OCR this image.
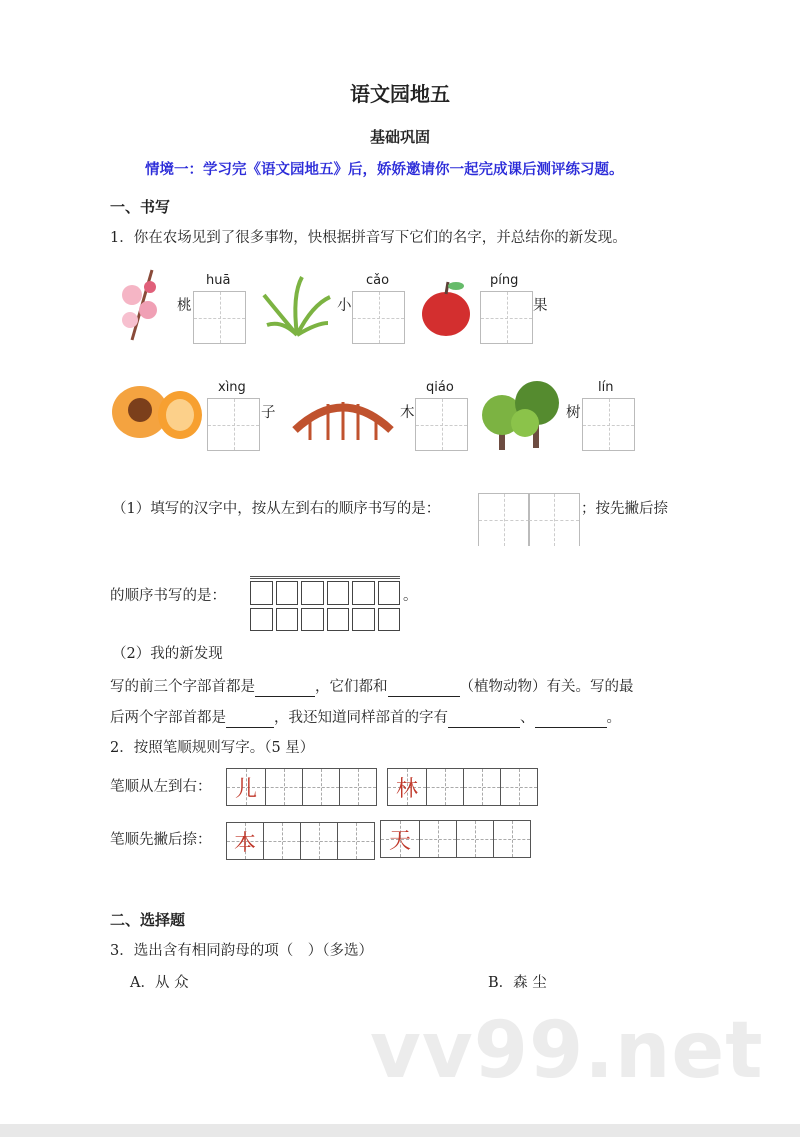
语文园地五
基础巩固
情境一：学习完《语文园地五》后，娇娇邀请你一起完成课后测评练习题。
一、书写
1．你在农场见到了很多事物，快根据拼音写下它们的名字，并总结你的新发现。
huā
桃
cǎo
小
píng
果
xìng
子
qiáo
木
lín
树
（1）填写的汉字中，按从左到右的顺序书写的是：	；按先撇后捺
的顺序书写的是：	。
（2）我的新发现
写的前三个字部首都是	，它们都和	（植物动物）有关。写的最
后两个字部首都是	，我还知道同样部首的字有	、	。
2．按照笔顺规则写字。（5 星）
笔顺从左到右： 儿	林
笔顺先撇后捺： 本	天
二、选择题
3．选出含有相同韵母的项（　）（多选）
A．从 众	B．森 尘
vv99.net
